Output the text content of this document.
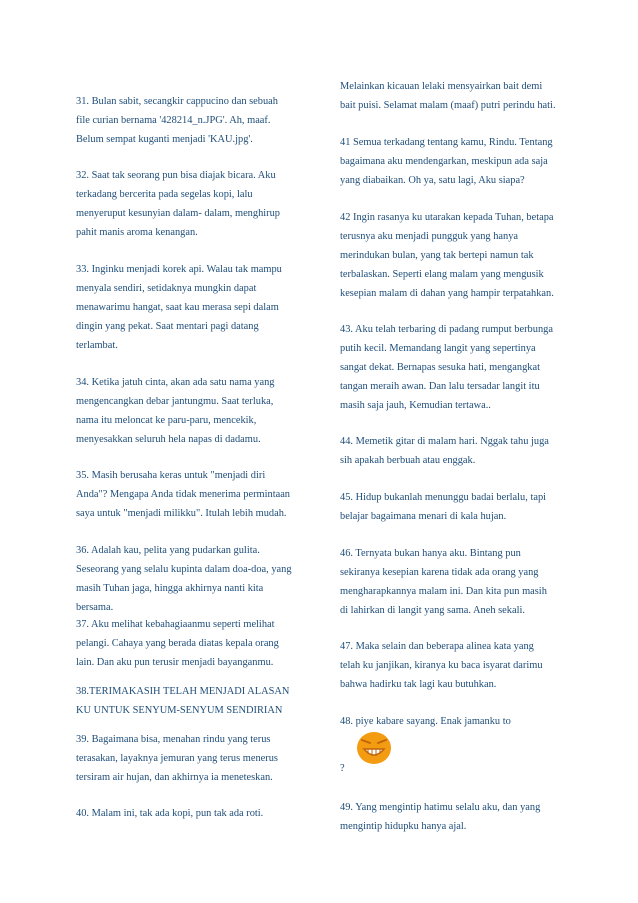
31. Bulan sabit, secangkir cappucino dan sebuah
file curian bernama '428214_n.JPG'. Ah, maaf.
Belum sempat kuganti menjadi 'KAU.jpg'.
32. Saat tak seorang pun bisa diajak bicara. Aku
terkadang bercerita pada segelas kopi, lalu
menyeruput kesunyian dalam- dalam, menghirup
pahit manis aroma kenangan.
33. Inginku menjadi korek api. Walau tak mampu
menyala sendiri, setidaknya mungkin dapat
menawarimu hangat, saat kau merasa sepi dalam
dingin yang pekat. Saat mentari pagi datang
terlambat.
34. Ketika jatuh cinta, akan ada satu nama yang
mengencangkan debar jantungmu. Saat terluka,
nama itu meloncat ke paru-paru, mencekik,
menyesakkan seluruh hela napas di dadamu.
35. Masih berusaha keras untuk "menjadi diri
Anda"? Mengapa Anda tidak menerima permintaan
saya untuk "menjadi milikku". Itulah lebih mudah.
36. Adalah kau, pelita yang pudarkan gulita.
Seseorang yang selalu kupinta dalam doa-doa, yang
masih Tuhan jaga, hingga akhirnya nanti kita
bersama.
37. Aku melihat kebahagiaanmu seperti melihat
pelangi. Cahaya yang berada diatas kepala orang
lain. Dan aku pun terusir menjadi bayanganmu.
38.TERIMAKASIH TELAH MENJADI ALASAN
KU UNTUK SENYUM-SENYUM SENDIRIAN
39. Bagaimana bisa, menahan rindu yang terus
terasakan, layaknya jemuran yang terus menerus
tersiram air hujan, dan akhirnya ia meneteskan.
40. Malam ini, tak ada kopi, pun tak ada roti.
Melainkan kicauan lelaki mensyairkan bait demi
bait puisi. Selamat malam (maaf) putri perindu hati.
41 Semua terkadang tentang kamu, Rindu. Tentang
bagaimana aku mendengarkan, meskipun ada saja
yang diabaikan. Oh ya, satu lagi, Aku siapa?
42 Ingin rasanya ku utarakan kepada Tuhan, betapa
terusnya aku menjadi pungguk yang hanya
merindukan bulan, yang tak bertepi namun tak
terbalaskan. Seperti elang malam yang mengusik
kesepian malam di dahan yang hampir terpatahkan.
43. Aku telah terbaring di padang rumput berbunga
putih kecil. Memandang langit yang sepertinya
sangat dekat. Bernapas sesuka hati, mengangkat
tangan meraih awan. Dan lalu tersadar langit itu
masih saja jauh, Kemudian tertawa..
44. Memetik gitar di malam hari. Nggak tahu juga
sih apakah berbuah atau enggak.
45. Hidup bukanlah menunggu badai berlalu, tapi
belajar bagaimana menari di kala hujan.
46. Ternyata bukan hanya aku. Bintang pun
sekiranya kesepian karena tidak ada orang yang
mengharapkannya malam ini. Dan kita pun masih
di lahirkan di langit yang sama. Aneh sekali.
47. Maka selain dan beberapa alinea kata yang
telah ku janjikan, kiranya ku baca isyarat darimu
bahwa hadirku tak lagi kau butuhkan.
48. piye kabare sayang. Enak jamanku to
?
49. Yang mengintip hatimu selalu aku, dan yang
mengintip hidupku hanya ajal.
